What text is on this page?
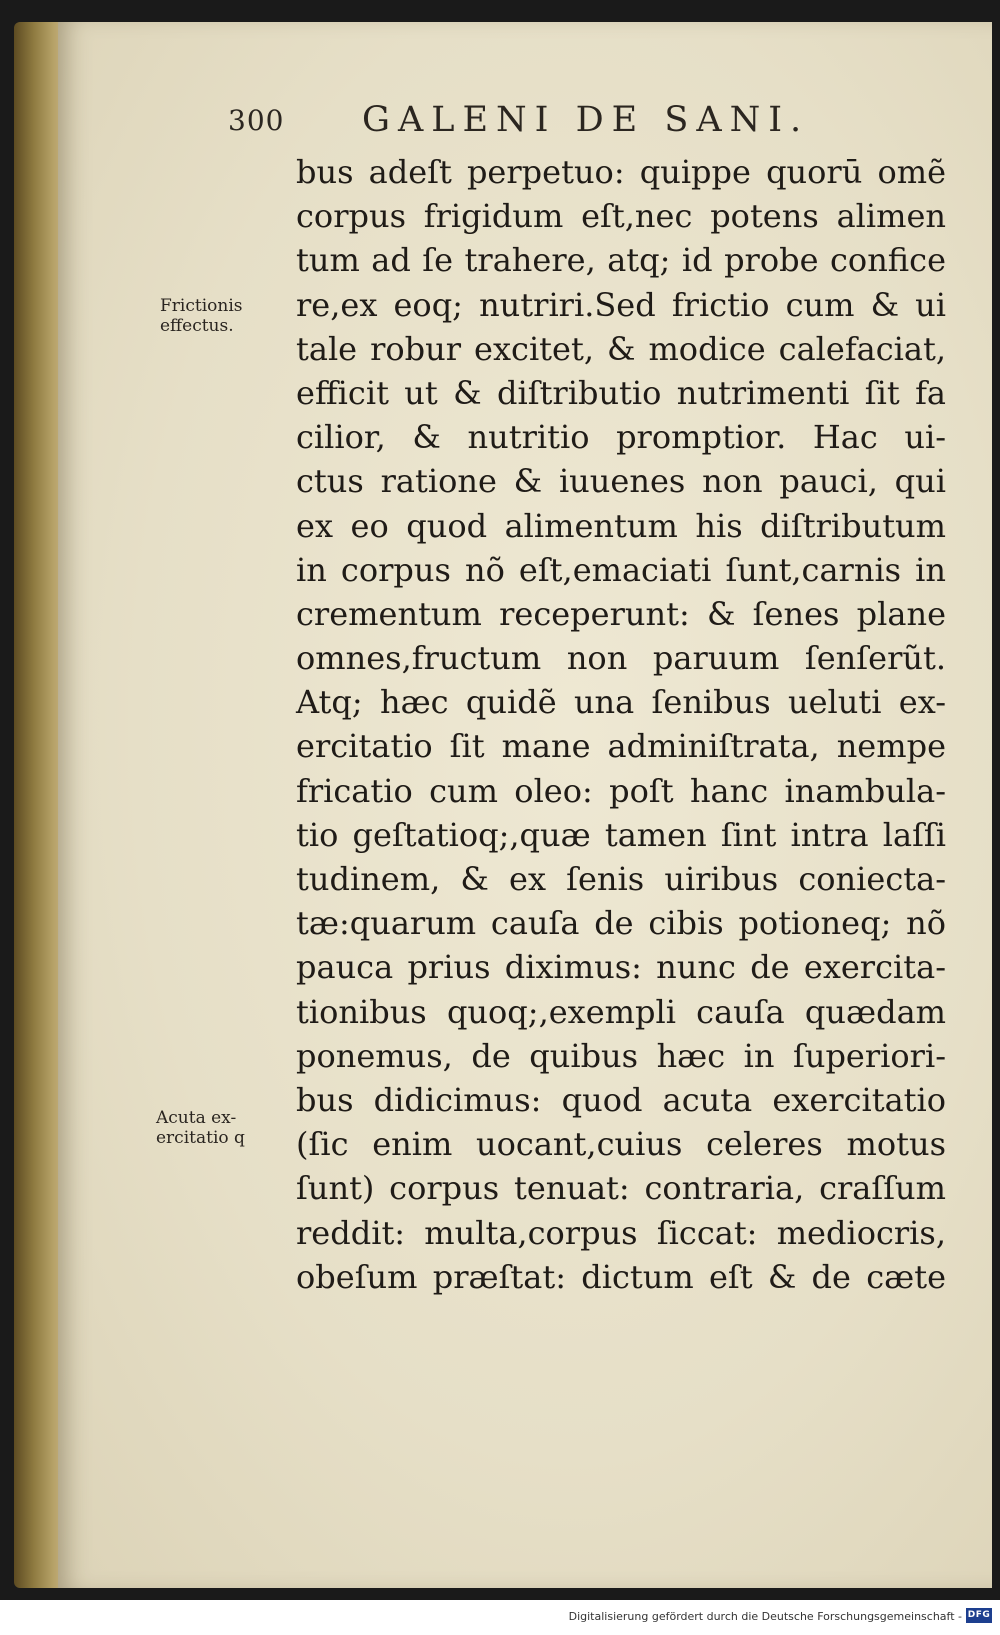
300 GALENI DE SANI.
Frictionis
effectus.
Acuta ex-
ercitatio q
bus adeſt perpetuo: quippe quorū omẽ
corpus frigidum eſt,nec potens alimen
tum ad ſe trahere, atq; id probe confice
re,ex eoq; nutriri.Sed frictio cum & ui
tale robur excitet, & modice calefaciat,
efficit ut & diſtributio nutrimenti ſit fa
cilior, & nutritio promptior. Hac ui-
ctus ratione & iuuenes non pauci, qui
ex eo quod alimentum his diſtributum
in corpus nõ eſt,emaciati ſunt,carnis in
crementum receperunt: & ſenes plane
omnes,fructum non paruum ſenſerũt.
Atq; hæc quidẽ una ſenibus ueluti ex-
ercitatio ſit mane adminiſtrata, nempe
fricatio cum oleo: poſt hanc inambula-
tio geſtatioq;,quæ tamen ſint intra laſſi
tudinem, & ex ſenis uiribus coniecta-
tæ:quarum cauſa de cibis potioneq; nõ
pauca prius diximus: nunc de exercita-
tionibus quoq;,exempli cauſa quædam
ponemus, de quibus hæc in ſuperiori-
bus didicimus: quod acuta exercitatio
(ſic enim uocant,cuius celeres motus
ſunt) corpus tenuat: contraria, craſſum
reddit: multa,corpus ſiccat: mediocris,
obeſum præſtat: dictum eſt & de cæte
Digitalisierung gefördert durch die Deutsche Forschungsgemeinschaft - DFG
